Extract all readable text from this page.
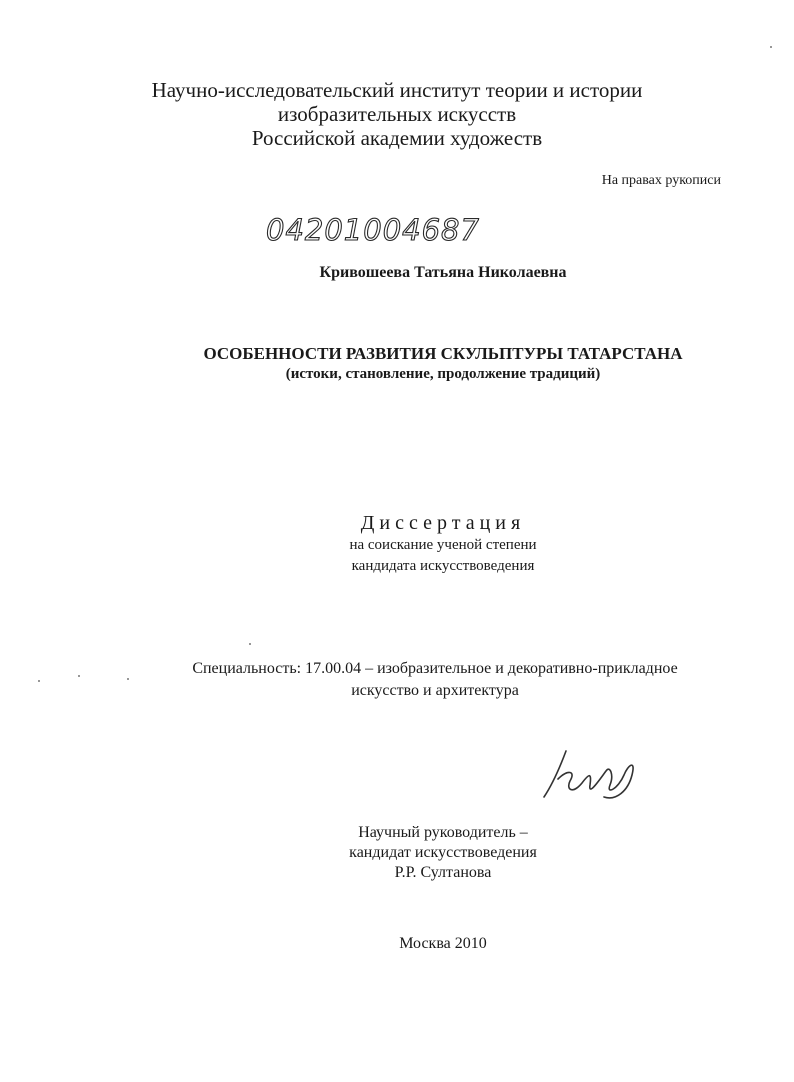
Научно-исследовательский институт теории и истории
изобразительных искусств
Российской академии художеств
На правах рукописи
04201004687
Кривошеева Татьяна Николаевна
ОСОБЕННОСТИ РАЗВИТИЯ СКУЛЬПТУРЫ ТАТАРСТАНА
(истоки, становление, продолжение традиций)
Диссертация
на соискание ученой степени
кандидата искусствоведения
Специальность: 17.00.04 – изобразительное и декоративно-прикладное
искусство и архитектура
Научный руководитель –
кандидат искусствоведения
Р.Р. Султанова
Москва 2010
